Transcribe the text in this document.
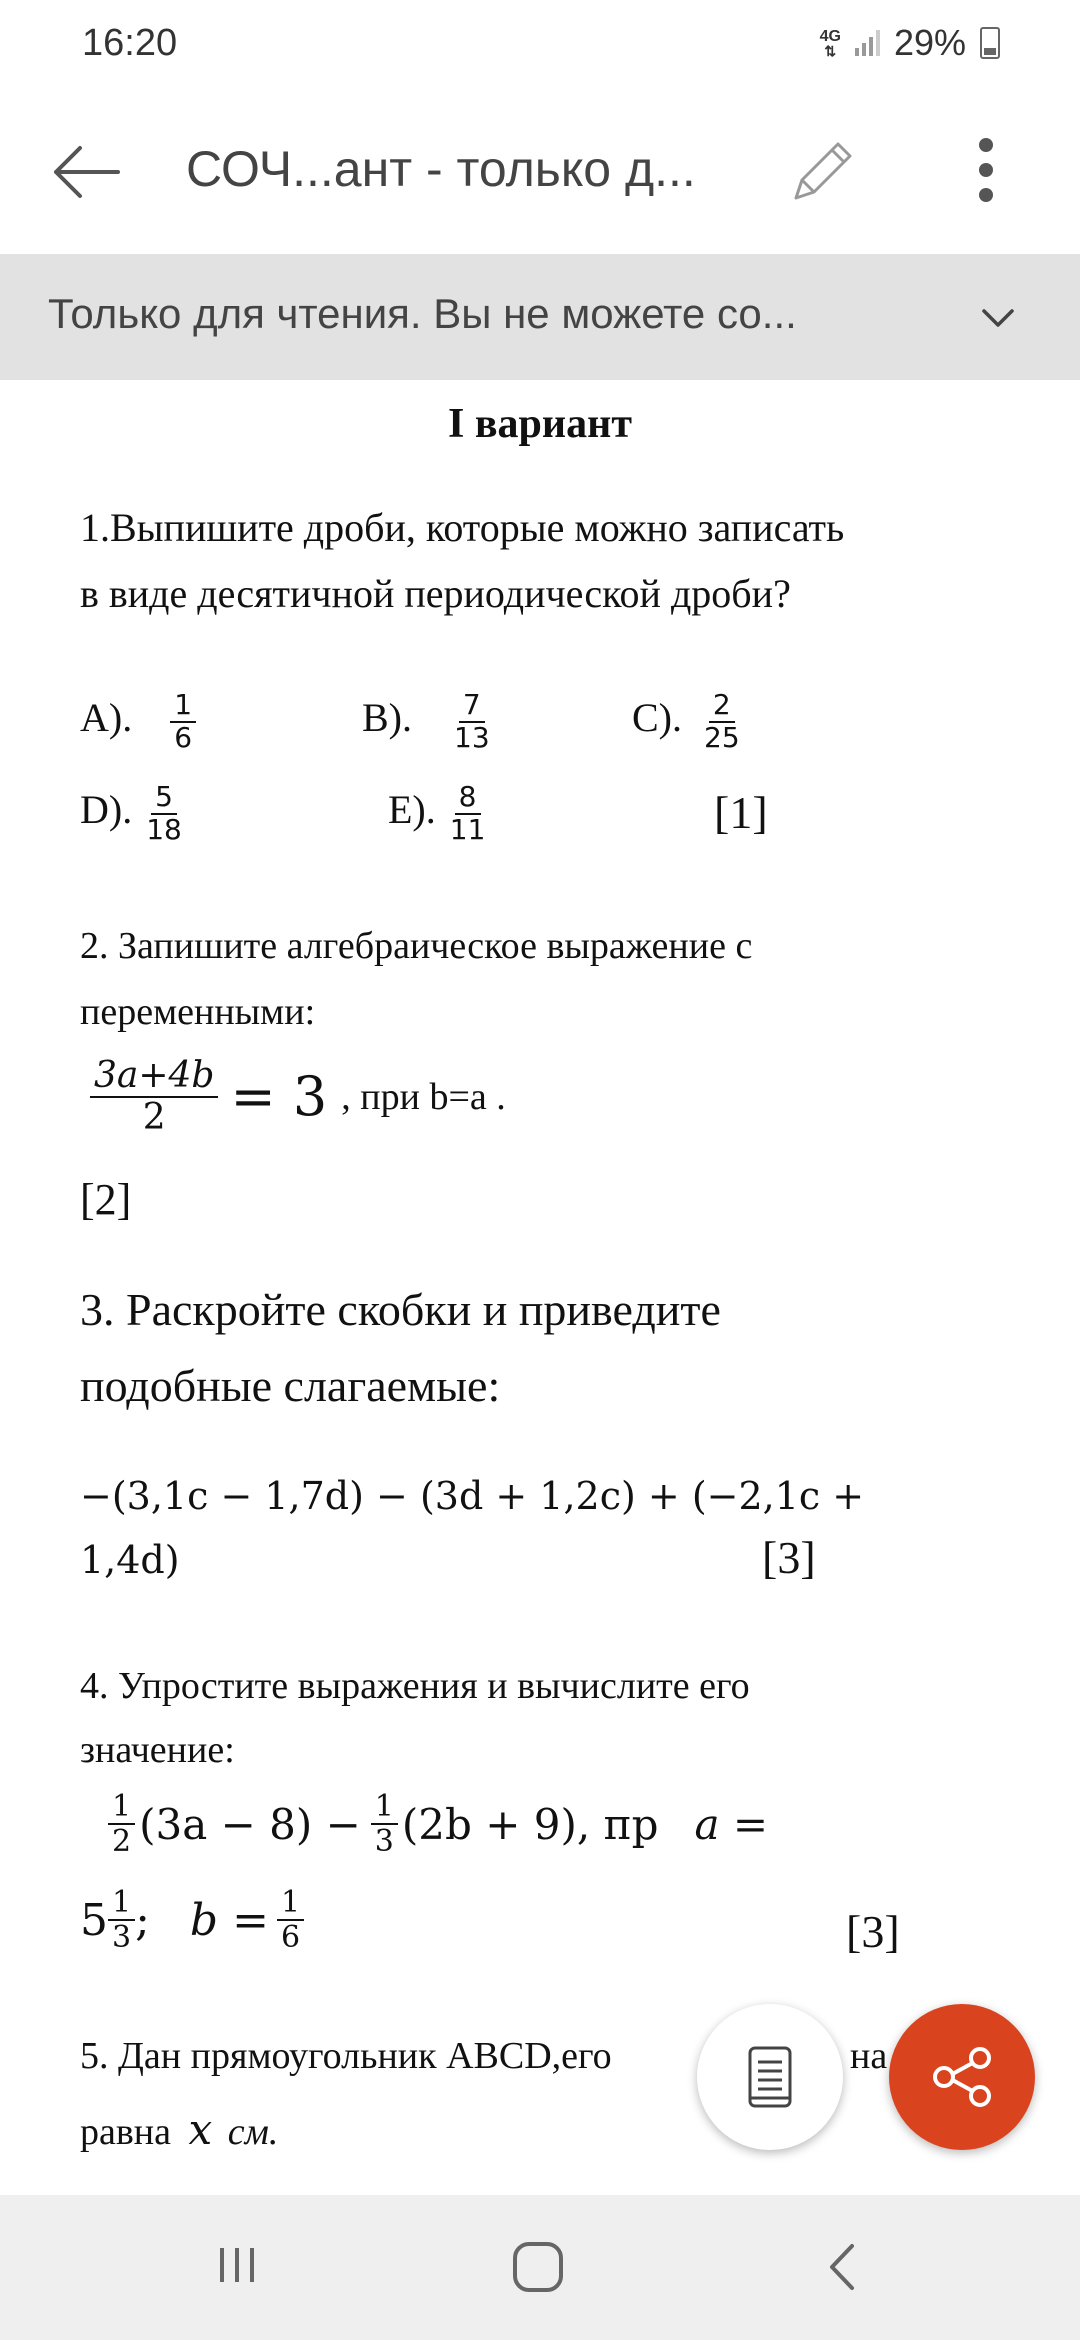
16:20	4G
⇅ 29%
СОЧ...ант - только д...
Только для чтения. Вы не можете со...
I вариант
1.Выпишите дроби, которые можно записать
в виде десятичной периодической дроби?
A). $\frac{1}{6}$	B). $\frac{7}{13}$	C). $\frac{2}{25}$
D). $\frac{5}{18}$	E). $\frac{8}{11}$	[1]
2. Запишите алгебраическое выражение с
переменными:
$\frac{3a+4b}{2} = 3$ , при b=a .
[2]
3. Раскройте скобки и приведите
подобные слагаемые:
−(3,1c − 1,7d) − (3d + 1,2c) + (−2,1c +
1,4d)	[3]
4. Упростите выражения и вычислите его
значение:
$\frac{1}{2} (3a - 8) - \frac{1}{3} (2b + 9)$, пр a =
$5 \frac{1}{3}$ ; $b = \frac{1}{6}$	[3]
5. Дан прямоугольник ABCD,его	на
равна x см.
